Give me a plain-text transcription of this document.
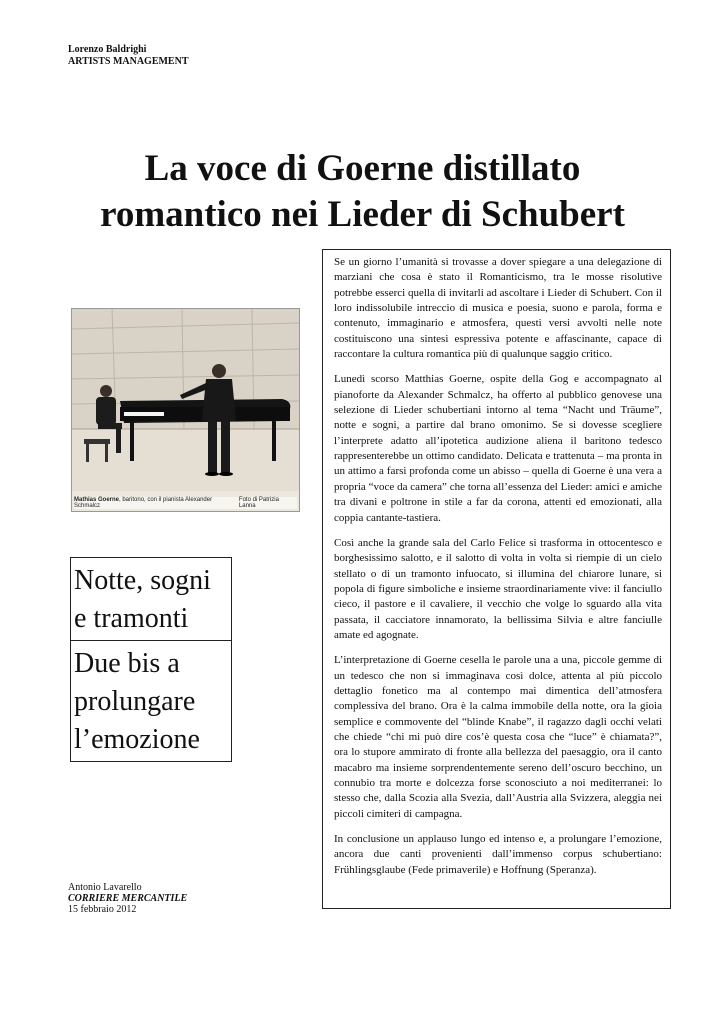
Lorenzo Baldrighi
ARTISTS MANAGEMENT
La voce di Goerne distillato
romantico nei Lieder di Schubert
Mathias Goerne, baritono, con il pianista Alexander Schmalcz
Foto di Patrizia Lanna
Notte, sogni e tramonti
Due bis a prolungare l’emozione
Antonio Lavarello
CORRIERE MERCANTILE
15 febbraio 2012

Se un giorno l’umanità si trovasse a dover spiegare a una delegazione di marziani che cosa è stato il Romanticismo, tra le mosse risolutive potrebbe esserci quella di invitarli ad ascoltare i Lieder di Schubert. Con il loro indissolubile intreccio di musica e poesia, suono e parola, forma e contenuto, immaginario e atmosfera, questi versi avvolti nelle note costituiscono una sintesi espressiva potente e affascinante, capace di raccontare la cultura romantica più di qualunque saggio critico.

Lunedì scorso Matthias Goerne, ospite della Gog e accompagnato al pianoforte da Alexander Schmalcz, ha offerto al pubblico genovese una selezione di Lieder schubertiani intorno al tema “Nacht und Träume”, notte e sogni, a partire dal brano omonimo. Se si dovesse scegliere l’interprete adatto all’ipotetica audizione aliena il baritono tedesco rappresenterebbe un ottimo candidato. Delicata e trattenuta – ma pronta in un attimo a farsi profonda come un abisso – quella di Goerne è una vera a propria “voce da camera” che torna all’essenza del Lieder: amici e amiche tra divani e poltrone in stile a far da corona, attenti ed emozionati, alla coppia cantante-tastiera.

Così anche la grande sala del Carlo Felice si trasforma in ottocentesco e borghesissimo salotto, e il salotto di volta in volta si riempie di un cielo stellato o di un tramonto infuocato, si illumina del chiarore lunare, si popola di figure simboliche e insieme straordinariamente vive: il fanciullo cieco, il pastore e il cavaliere, il vecchio che volge lo sguardo alla vita passata, il cacciatore innamorato, la bellissima Silvia e altre fanciulle amate ed agognate.

L’interpretazione di Goerne cesella le parole una a una, piccole gemme di un tedesco che non si immaginava così dolce, attenta al più piccolo dettaglio fonetico ma al contempo mai dimentica dell’atmosfera complessiva del brano. Ora è la calma immobile della notte, ora la gioia semplice e commovente del “blinde Knabe”, il ragazzo dagli occhi velati che chiede “chi mi può dire cos’è questa cosa che “luce” è chiamata?”, ora lo stupore ammirato di fronte alla bellezza del paesaggio, ora il canto macabro ma insieme sorprendentemente sereno dell’oscuro becchino, un connubio tra morte e dolcezza forse sconosciuto a noi mediterranei: lo stesso che, dalla Scozia alla Svezia, dall’Austria alla Svizzera, aleggia nei piccoli cimiteri di campagna.

In conclusione un applauso lungo ed intenso e, a prolungare l’emozione, ancora due canti provenienti dall’immenso corpus schubertiano: Frühlingsglaube (Fede primaverile) e Hoffnung (Speranza).
